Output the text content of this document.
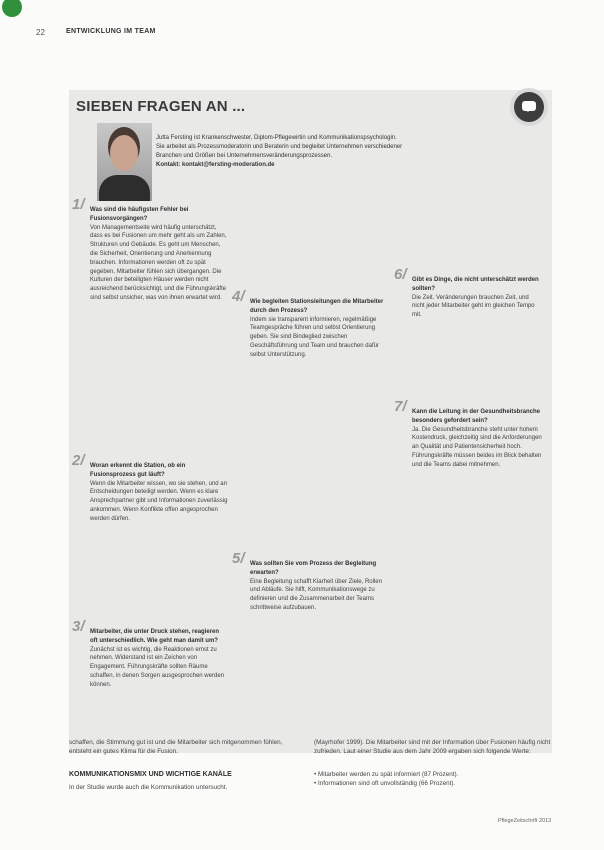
22	ENTWICKLUNG IM TEAM
SIEBEN FRAGEN AN ...
Jutta Fersting ist Krankenschwester, Diplom-Pflegewirtin und Kommunikationspsychologin.
Sie arbeitet als Prozessmoderatorin und Beraterin und begleitet Unternehmen verschiedener
Branchen und Größen bei Unternehmensveränderungsprozessen.
Kontakt: kontakt@fersting-moderation.de
1/ Was sind die häufigsten Fehler bei Fusionsvorgängen?
Von Managementseite wird häufig unterschätzt, dass es bei Fusionen um mehr geht als um Zahlen, Strukturen und Gebäude. Es geht um Menschen, die Sicherheit, Orientierung und Anerkennung brauchen. Informationen werden oft zu spät gegeben, Mitarbeiter fühlen sich übergangen. Die Kulturen der beteiligten Häuser werden nicht ausreichend berücksichtigt, und die Führungskräfte sind selbst unsicher, was von ihnen erwartet wird.
2/ Woran erkennt die Station, ob ein Fusionsprozess gut läuft?
Wenn die Mitarbeiter wissen, wo sie stehen, und an Entscheidungen beteiligt werden. Wenn es klare Ansprechpartner gibt und Informationen zuverlässig ankommen. Wenn Konflikte offen angesprochen werden dürfen.
3/ Mitarbeiter, die unter Druck stehen, reagieren oft unterschiedlich. Wie geht man damit um?
Zunächst ist es wichtig, die Reaktionen ernst zu nehmen. Widerstand ist ein Zeichen von Engagement. Führungskräfte sollten Räume schaffen, in denen Sorgen ausgesprochen werden können.
4/ Wie begleiten Stationsleitungen die Mitarbeiter durch den Prozess?
Indem sie transparent informieren, regelmäßige Teamgespräche führen und selbst Orientierung geben. Sie sind Bindeglied zwischen Geschäftsführung und Team und brauchen dafür selbst Unterstützung.
5/ Was sollten Sie vom Prozess der Begleitung erwarten?
Eine Begleitung schafft Klarheit über Ziele, Rollen und Abläufe. Sie hilft, Kommunikationswege zu definieren und die Zusammenarbeit der Teams schrittweise aufzubauen.
6/ Gibt es Dinge, die nicht unterschätzt werden sollten?
Die Zeit. Veränderungen brauchen Zeit, und nicht jeder Mitarbeiter geht im gleichen Tempo mit.
7/ Kann die Leitung in der Gesundheitsbranche besonders gefordert sein?
Ja. Die Gesundheitsbranche steht unter hohem Kostendruck, gleichzeitig sind die Anforderungen an Qualität und Patientensicherheit hoch. Führungskräfte müssen beides im Blick behalten und die Teams dabei mitnehmen.
schaffen, die Stimmung gut ist und die Mitarbeiter sich mitgenommen fühlen, entsteht ein gutes Klima für die Fusion.
KOMMUNIKATIONSMIX UND WICHTIGE KANÄLE
In der Studie wurde auch die Kommunikation untersucht.
(Mayrhofer 1999). Die Mitarbeiter sind mit der Information über Fusionen häufig nicht zufrieden. Laut einer Studie aus dem Jahr 2009 ergaben sich folgende Werte:
• Mitarbeiter werden zu spät informiert (87 Prozent).
• Informationen sind oft unvollständig (66 Prozent).
PflegeZeitschrift 2013
